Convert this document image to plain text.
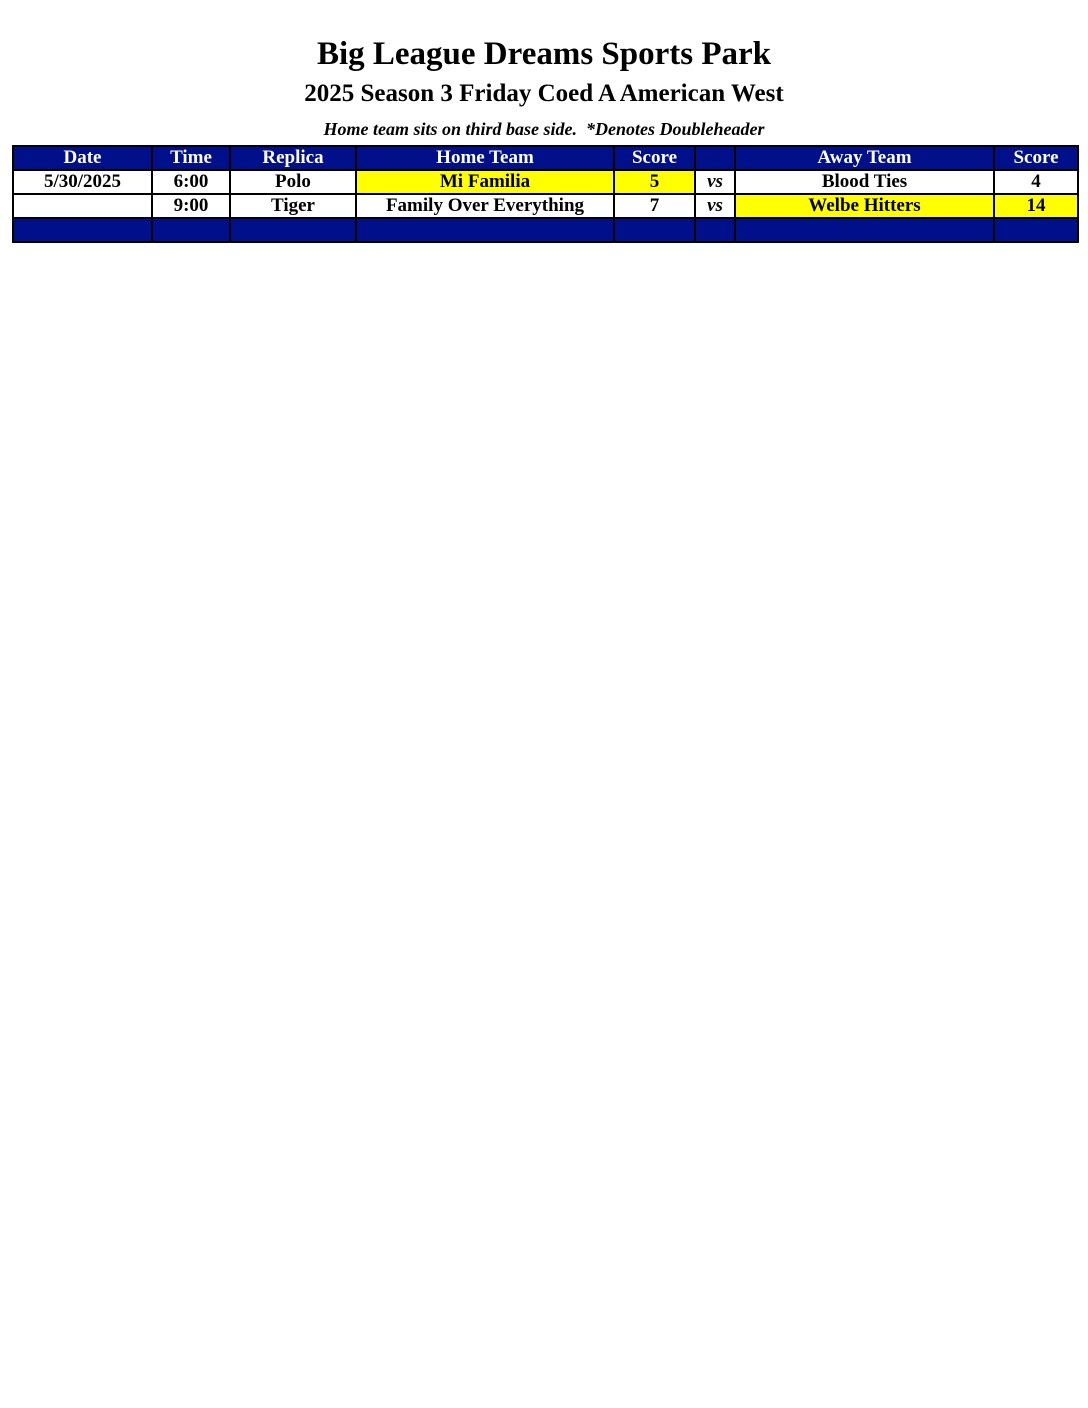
Big League Dreams Sports Park
2025 Season 3 Friday Coed A American West
Home team sits on third base side.  *Denotes Doubleheader
Date	Time	Replica	Home Team	Score		Away Team	Score
5/30/2025	6:00	Polo	Mi Familia	5	vs	Blood Ties	4
	9:00	Tiger	Family Over Everything	7	vs	Welbe Hitters	14
